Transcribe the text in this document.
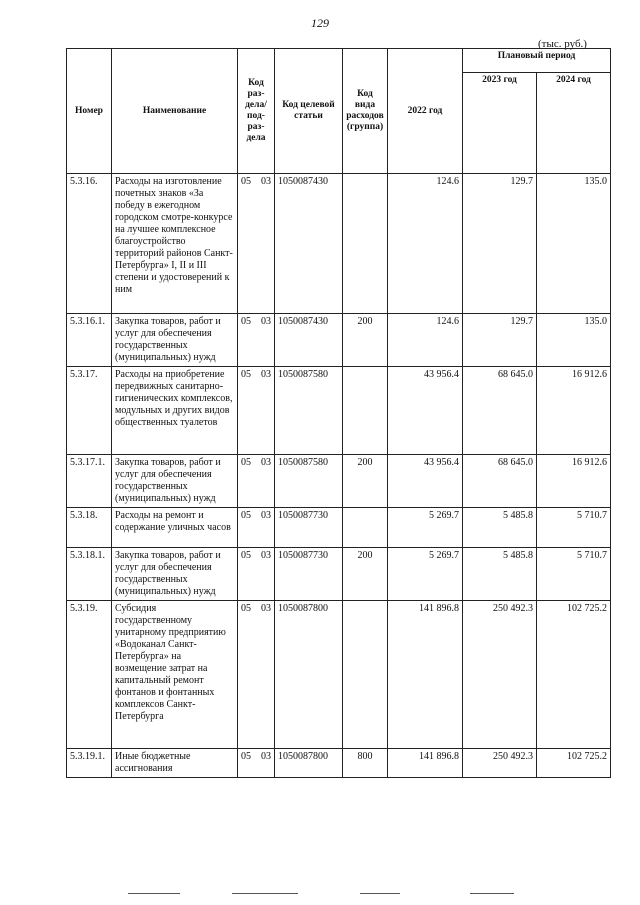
129
(тыс. руб.)
Номер	Наименование	Код раз-дела/ под-раз-дела	Код целевой статьи	Код вида расходов (группа)	2022 год	Плановый период	
						2023 год	2024 год
5.3.16.	Расходы на изготовление почетных знаков «За победу в ежегодном городском смотре-конкурсе на лучшее комплексное благоустройство территорий районов Санкт-Петербурга» I, II и III степени и удостоверений к ним	05 03	1050087430		124.6	129.7	135.0
5.3.16.1.	Закупка товаров, работ и услуг для обеспечения государственных (муниципальных) нужд	05 03	1050087430	200	124.6	129.7	135.0
5.3.17.	Расходы на приобретение передвижных санитарно-гигиенических комплексов, модульных и других видов общественных туалетов	05 03	1050087580		43 956.4	68 645.0	16 912.6
5.3.17.1.	Закупка товаров, работ и услуг для обеспечения государственных (муниципальных) нужд	05 03	1050087580	200	43 956.4	68 645.0	16 912.6
5.3.18.	Расходы на ремонт и содержание уличных часов	05 03	1050087730		5 269.7	5 485.8	5 710.7
5.3.18.1.	Закупка товаров, работ и услуг для обеспечения государственных (муниципальных) нужд	05 03	1050087730	200	5 269.7	5 485.8	5 710.7
5.3.19.	Субсидия государственному унитарному предприятию «Водоканал Санкт-Петербурга» на возмещение затрат на капитальный ремонт фонтанов и фонтанных комплексов Санкт-Петербурга	05 03	1050087800		141 896.8	250 492.3	102 725.2
5.3.19.1.	Иные бюджетные ассигнования	05 03	1050087800	800	141 896.8	250 492.3	102 725.2
